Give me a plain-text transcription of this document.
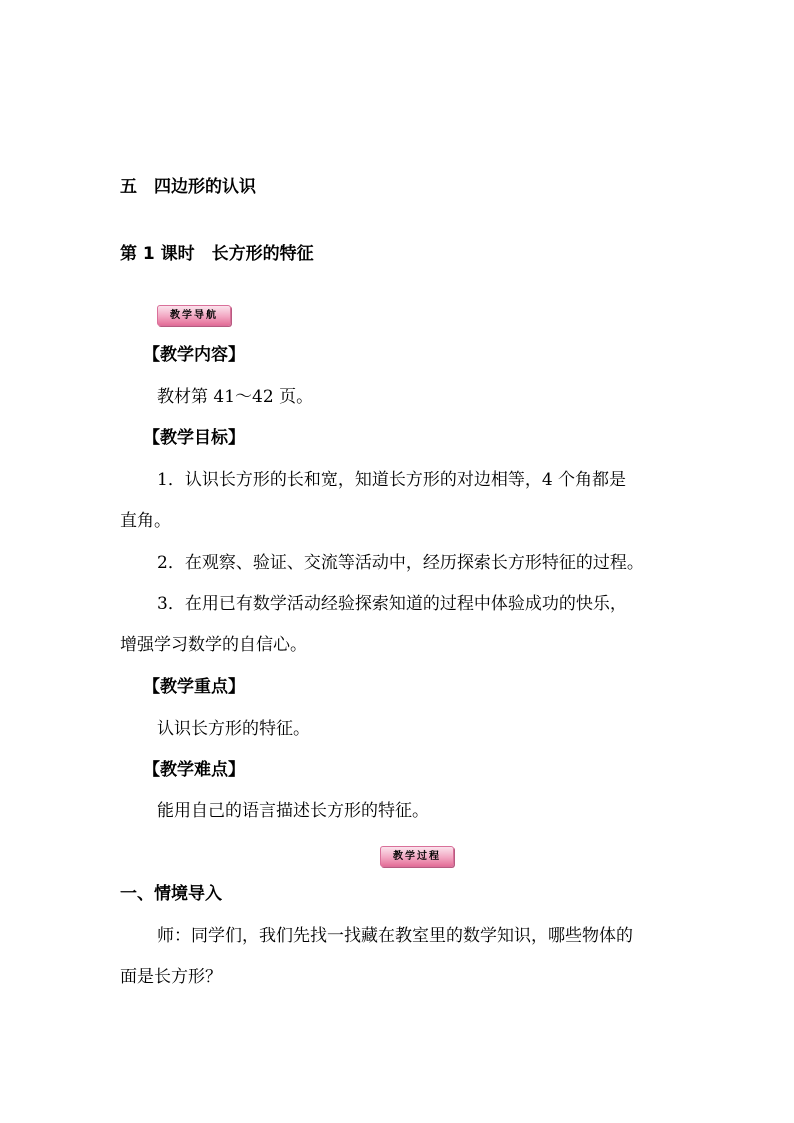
五　四边形的认识
第 1 课时　长方形的特征
教学导航
【教学内容】
教材第 41～42 页。
【教学目标】
1．认识长方形的长和宽，知道长方形的对边相等，4 个角都是
直角。
2．在观察、验证、交流等活动中，经历探索长方形特征的过程。
3．在用已有数学活动经验探索知道的过程中体验成功的快乐，
增强学习数学的自信心。
【教学重点】
认识长方形的特征。
【教学难点】
能用自己的语言描述长方形的特征。
教学过程
一、情境导入
师：同学们，我们先找一找藏在教室里的数学知识，哪些物体的
面是长方形？
